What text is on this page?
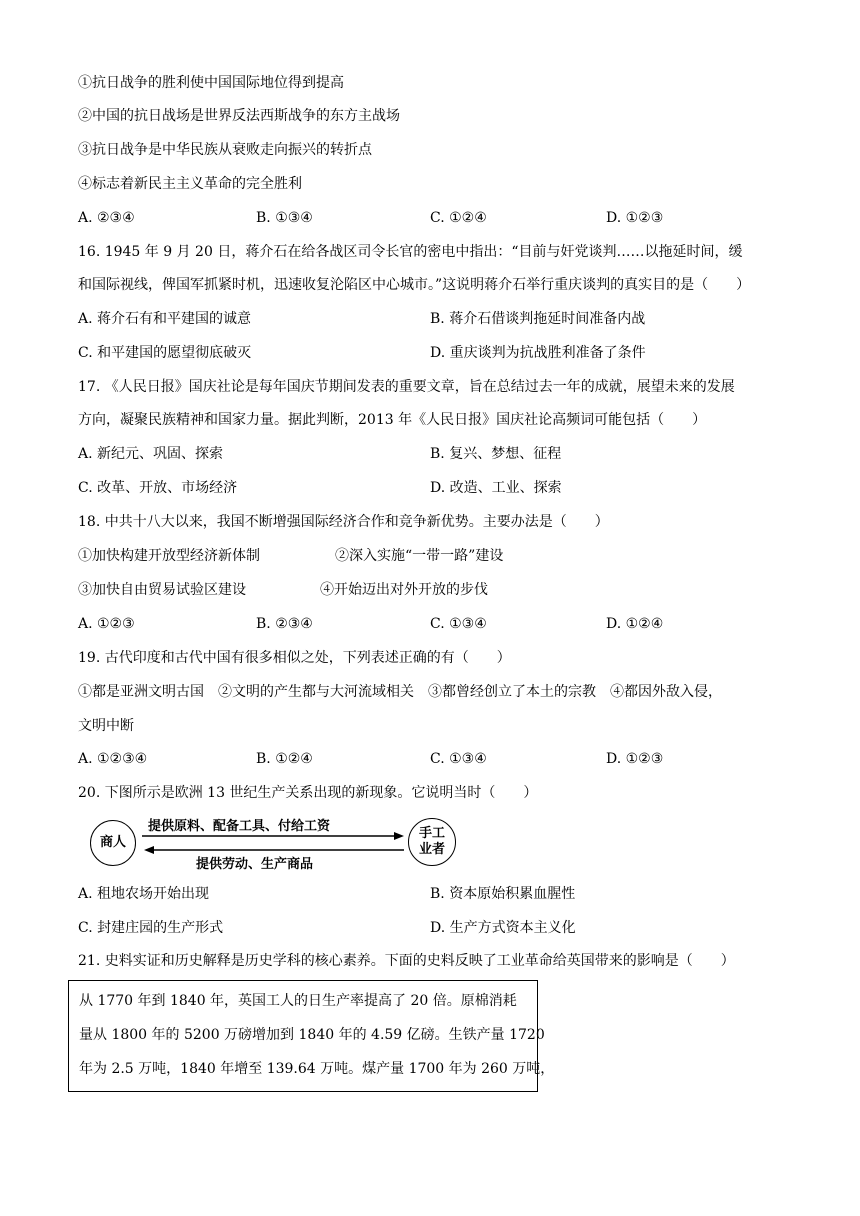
①抗日战争的胜利使中国国际地位得到提高
②中国的抗日战场是世界反法西斯战争的东方主战场
③抗日战争是中华民族从衰败走向振兴的转折点
④标志着新民主主义革命的完全胜利
A. ②③④	B. ①③④	C. ①②④	D. ①②③
16. 1945 年 9 月 20 日，蒋介石在给各战区司令长官的密电中指出：“目前与奸党谈判……以拖延时间，缓
和国际视线，俾国军抓紧时机，迅速收复沦陷区中心城市。”这说明蒋介石举行重庆谈判的真实目的是（　　）
A. 蒋介石有和平建国的诚意	B. 蒋介石借谈判拖延时间准备内战
C. 和平建国的愿望彻底破灭	D. 重庆谈判为抗战胜利准备了条件
17. 《人民日报》国庆社论是每年国庆节期间发表的重要文章，旨在总结过去一年的成就，展望未来的发展
方向，凝聚民族精神和国家力量。据此判断，2013 年《人民日报》国庆社论高频词可能包括（　　）
A. 新纪元、巩固、探索	B. 复兴、梦想、征程
C. 改革、开放、市场经济	D. 改造、工业、探索
18. 中共十八大以来，我国不断增强国际经济合作和竞争新优势。主要办法是（　　）
①加快构建开放型经济新体制	②深入实施“一带一路”建设
③加快自由贸易试验区建设	④开始迈出对外开放的步伐
A. ①②③	B. ②③④	C. ①③④	D. ①②④
19. 古代印度和古代中国有很多相似之处，下列表述正确的有（　　）
①都是亚洲文明古国　②文明的产生都与大河流域相关　③都曾经创立了本土的宗教　④都因外敌入侵，
文明中断
A. ①②③④	B. ①②④	C. ①③④	D. ①②③
20. 下图所示是欧洲 13 世纪生产关系出现的新现象。它说明当时（　　）
商人
手工
业者
提供原料、配备工具、付给工资
提供劳动、生产商品
A. 租地农场开始出现	B. 资本原始积累血腥性
C. 封建庄园的生产形式	D. 生产方式资本主义化
21. 史料实证和历史解释是历史学科的核心素养。下面的史料反映了工业革命给英国带来的影响是（　　）
从 1770 年到 1840 年，英国工人的日生产率提高了 20 倍。原棉消耗
量从 1800 年的 5200 万磅增加到 1840 年的 4.59 亿磅。生铁产量 1720
年为 2.5 万吨，1840 年增至 139.64 万吨。煤产量 1700 年为 260 万吨，
